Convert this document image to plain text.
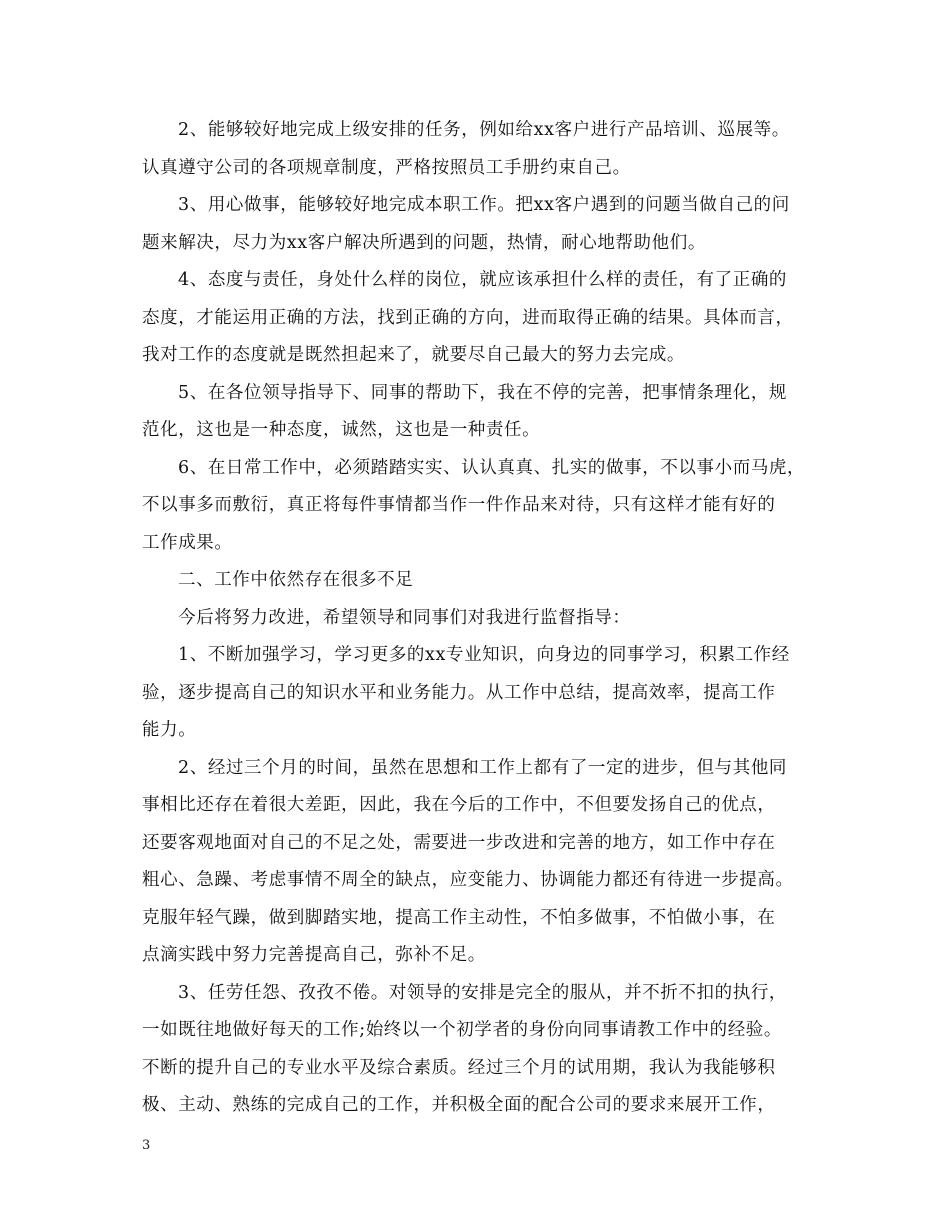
2、能够较好地完成上级安排的任务，例如给xx客户进行产品培训、巡展等。
认真遵守公司的各项规章制度，严格按照员工手册约束自己。
3、用心做事，能够较好地完成本职工作。把xx客户遇到的问题当做自己的问
题来解决，尽力为xx客户解决所遇到的问题，热情，耐心地帮助他们。
4、态度与责任，身处什么样的岗位，就应该承担什么样的责任，有了正确的
态度，才能运用正确的方法，找到正确的方向，进而取得正确的结果。具体而言，
我对工作的态度就是既然担起来了，就要尽自己最大的努力去完成。
5、在各位领导指导下、同事的帮助下，我在不停的完善，把事情条理化，规
范化，这也是一种态度，诚然，这也是一种责任。
6、在日常工作中，必须踏踏实实、认认真真、扎实的做事，不以事小而马虎，
不以事多而敷衍，真正将每件事情都当作一件作品来对待，只有这样才能有好的
工作成果。
二、工作中依然存在很多不足
今后将努力改进，希望领导和同事们对我进行监督指导：
1、不断加强学习，学习更多的xx专业知识，向身边的同事学习，积累工作经
验，逐步提高自己的知识水平和业务能力。从工作中总结，提高效率，提高工作
能力。
2、经过三个月的时间，虽然在思想和工作上都有了一定的进步，但与其他同
事相比还存在着很大差距，因此，我在今后的工作中，不但要发扬自己的优点，
还要客观地面对自己的不足之处，需要进一步改进和完善的地方，如工作中存在
粗心、急躁、考虑事情不周全的缺点，应变能力、协调能力都还有待进一步提高。
克服年轻气躁，做到脚踏实地，提高工作主动性，不怕多做事，不怕做小事，在
点滴实践中努力完善提高自己，弥补不足。
3、任劳任怨、孜孜不倦。对领导的安排是完全的服从，并不折不扣的执行，
一如既往地做好每天的工作;始终以一个初学者的身份向同事请教工作中的经验。
不断的提升自己的专业水平及综合素质。经过三个月的试用期，我认为我能够积
极、主动、熟练的完成自己的工作，并积极全面的配合公司的要求来展开工作，
3
